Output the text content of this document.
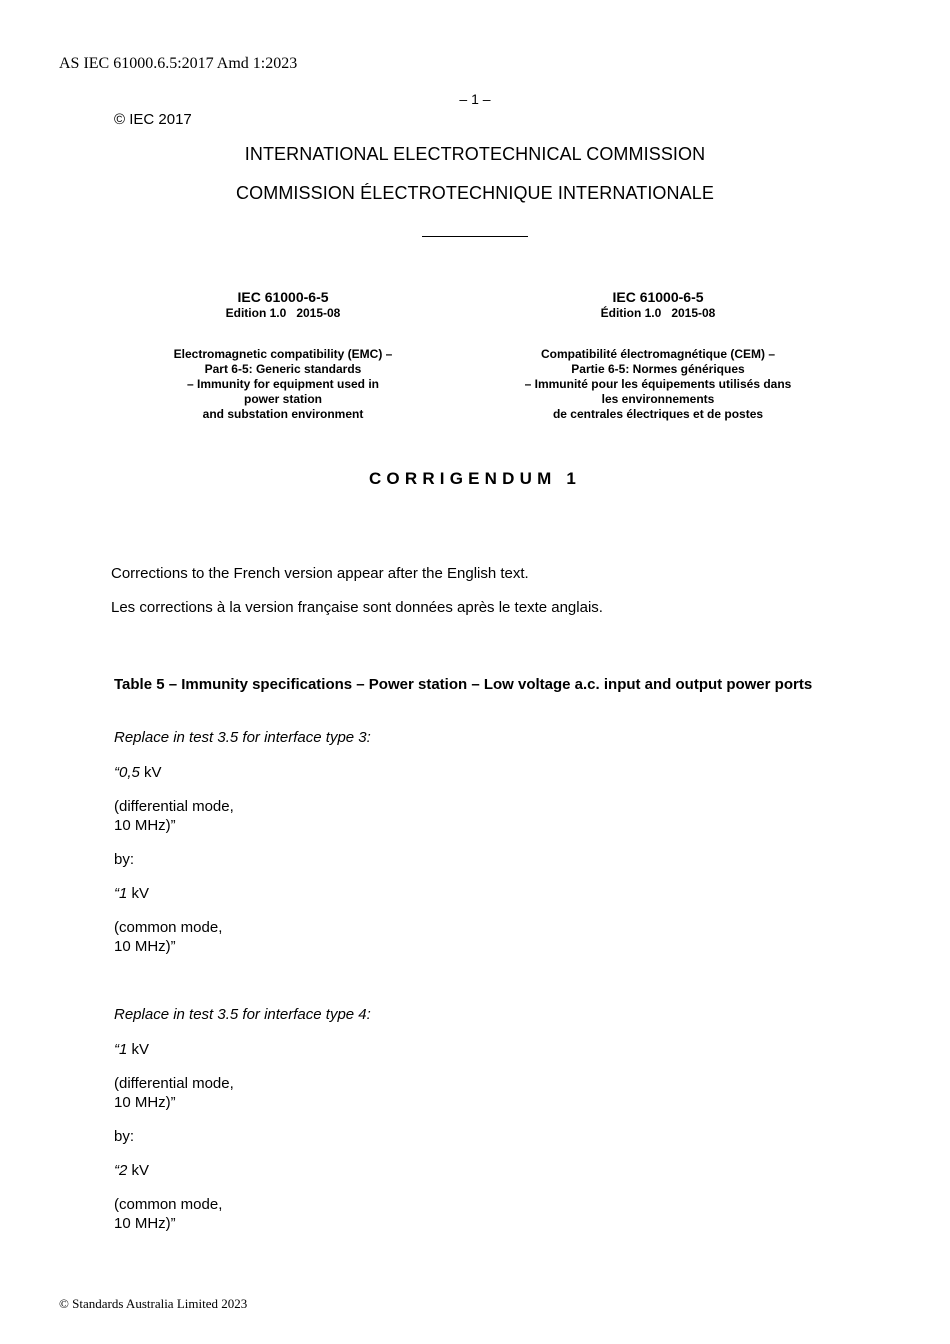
AS IEC 61000.6.5:2017 Amd 1:2023
– 1 –
© IEC 2017
INTERNATIONAL ELECTROTECHNICAL COMMISSION
COMMISSION ÉLECTROTECHNIQUE INTERNATIONALE
IEC 61000-6-5
Edition 1.0   2015-08
Electromagnetic compatibility (EMC) –
Part 6-5: Generic standards
– Immunity for equipment used in
power station
and substation environment
IEC 61000-6-5
Édition 1.0   2015-08
Compatibilité électromagnétique (CEM) –
Partie 6-5: Normes génériques
– Immunité pour les équipements utilisés dans
les environnements
de centrales électriques et de postes
CORRIGENDUM 1
Corrections to the French version appear after the English text.
Les corrections à la version française sont données après le texte anglais.
Table 5 – Immunity specifications – Power station – Low voltage a.c. input and output power ports
Replace in test 3.5 for interface type 3:
“0,5 kV
(differential mode,
10 MHz)”
by:
“1 kV
(common mode,
10 MHz)”
Replace in test 3.5 for interface type 4:
“1 kV
(differential mode,
10 MHz)”
by:
“2 kV
(common mode,
10 MHz)”
© Standards Australia Limited 2023
